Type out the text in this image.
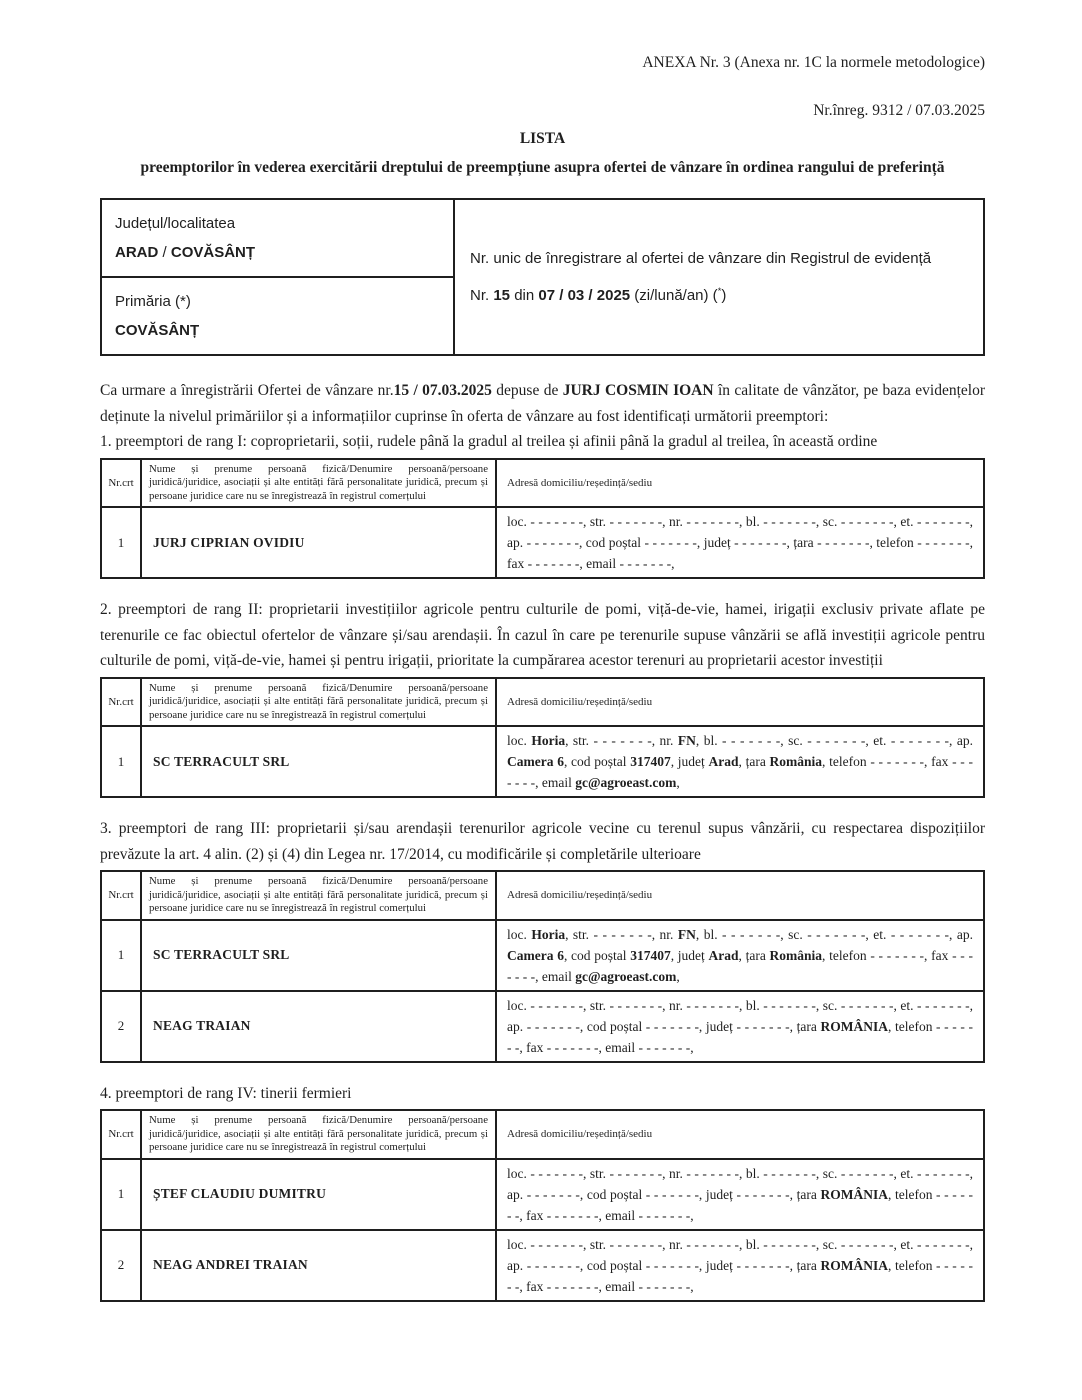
ANEXA Nr. 3 (Anexa nr. 1C la normele metodologice)
Nr.înreg. 9312 / 07.03.2025
LISTA
preemptorilor în vederea exercitării dreptului de preempțiune asupra ofertei de vânzare în ordinea rangului de preferință
Județul/localitatea
ARAD / COVĂSÂNȚ	Nr. unic de înregistrare al ofertei de vânzare din Registrul de evidență

Nr. 15 din 07 / 03 / 2025 (zi/lună/an) (*)

Primăria (*)
COVĂSÂNȚ

Ca urmare a înregistrării Ofertei de vânzare nr.15 / 07.03.2025 depuse de JURJ COSMIN IOAN în calitate de vânzător, pe baza evidențelor deținute la nivelul primăriilor și a informațiilor cuprinse în oferta de vânzare au fost identificați următorii preemptori:

1. preemptori de rang I: coproprietarii, soții, rudele până la gradul al treilea și afinii până la gradul al treilea, în această ordine

Nr.crt	Nume și prenume persoană fizică/Denumire persoană/persoane juridică/juridice, asociații și alte entități fără personalitate juridică, precum și persoane juridice care nu se înregistrează în registrul comerțului	Adresă domiciliu/reședință/sediu
1	JURJ CIPRIAN OVIDIU	loc. - - - - - - -, str. - - - - - - -, nr. - - - - - - -, bl. - - - - - - -, sc. - - - - - - -, et. - - - - - - -, ap. - - - - - - -, cod poștal - - - - - - -, județ - - - - - - -, țara - - - - - - -, telefon - - - - - - -, fax - - - - - - -, email - - - - - - -,

2. preemptori de rang II: proprietarii investițiilor agricole pentru culturile de pomi, viță-de-vie, hamei, irigații exclusiv private aflate pe terenurile ce fac obiectul ofertelor de vânzare și/sau arendașii. În cazul în care pe terenurile supuse vânzării se află investiții agricole pentru culturile de pomi, viță-de-vie, hamei și pentru irigații, prioritate la cumpărarea acestor terenuri au proprietarii acestor investiții

Nr.crt	Nume și prenume persoană fizică/Denumire persoană/persoane juridică/juridice, asociații și alte entități fără personalitate juridică, precum și persoane juridice care nu se înregistrează în registrul comerțului	Adresă domiciliu/reședință/sediu
1	SC TERRACULT SRL	loc. Horia, str. - - - - - - -, nr. FN, bl. - - - - - - -, sc. - - - - - - -, et. - - - - - - -, ap. Camera 6, cod poștal 317407, județ Arad, țara România, telefon - - - - - - -, fax - - - - - - -, email gc@agroeast.com,

3. preemptori de rang III: proprietarii și/sau arendașii terenurilor agricole vecine cu terenul supus vânzării, cu respectarea dispozițiilor prevăzute la art. 4 alin. (2) și (4) din Legea nr. 17/2014, cu modificările și completările ulterioare

Nr.crt	Nume și prenume persoană fizică/Denumire persoană/persoane juridică/juridice, asociații și alte entități fără personalitate juridică, precum și persoane juridice care nu se înregistrează în registrul comerțului	Adresă domiciliu/reședință/sediu
1	SC TERRACULT SRL	loc. Horia, str. - - - - - - -, nr. FN, bl. - - - - - - -, sc. - - - - - - -, et. - - - - - - -, ap. Camera 6, cod poștal 317407, județ Arad, țara România, telefon - - - - - - -, fax - - - - - - -, email gc@agroeast.com,
2	NEAG TRAIAN	loc. - - - - - - -, str. - - - - - - -, nr. - - - - - - -, bl. - - - - - - -, sc. - - - - - - -, et. - - - - - - -, ap. - - - - - - -, cod poștal - - - - - - -, județ - - - - - - -, țara ROMÂNIA, telefon - - - - - - -, fax - - - - - - -, email - - - - - - -,

4. preemptori de rang IV: tinerii fermieri

Nr.crt	Nume și prenume persoană fizică/Denumire persoană/persoane juridică/juridice, asociații și alte entități fără personalitate juridică, precum și persoane juridice care nu se înregistrează în registrul comerțului	Adresă domiciliu/reședință/sediu
1	ȘTEF CLAUDIU DUMITRU	loc. - - - - - - -, str. - - - - - - -, nr. - - - - - - -, bl. - - - - - - -, sc. - - - - - - -, et. - - - - - - -, ap. - - - - - - -, cod poștal - - - - - - -, județ - - - - - - -, țara ROMÂNIA, telefon - - - - - - -, fax - - - - - - -, email - - - - - - -,
2	NEAG ANDREI TRAIAN	loc. - - - - - - -, str. - - - - - - -, nr. - - - - - - -, bl. - - - - - - -, sc. - - - - - - -, et. - - - - - - -, ap. - - - - - - -, cod poștal - - - - - - -, județ - - - - - - -, țara ROMÂNIA, telefon - - - - - - -, fax - - - - - - -, email - - - - - - -,
